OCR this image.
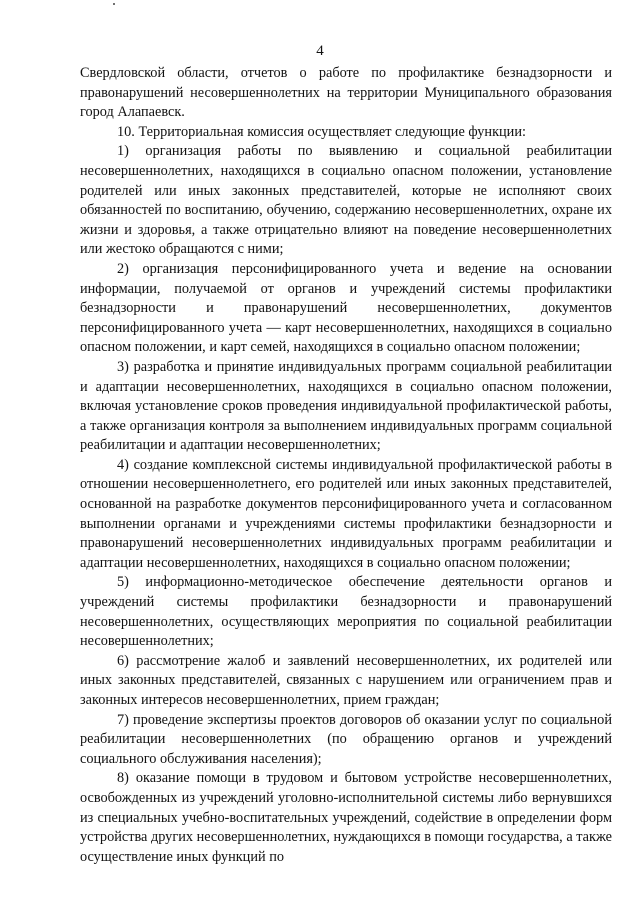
4

Свердловской области, отчетов о работе по профилактике безнадзорности и правонарушений несовершеннолетних на территории Муниципального образования город Алапаевск.

10. Территориальная комиссия осуществляет следующие функции:

1) организация работы по выявлению и социальной реабилитации несовершеннолетних, находящихся в социально опасном положении, установление родителей или иных законных представителей, которые не исполняют своих обязанностей по воспитанию, обучению, содержанию несовершеннолетних, охране их жизни и здоровья, а также отрицательно влияют на поведение несовершеннолетних или жестоко обращаются с ними;

2) организация персонифицированного учета и ведение на основании информации, получаемой от органов и учреждений системы профилактики безнадзорности и правонарушений несовершеннолетних, документов персонифицированного учета — карт несовершеннолетних, находящихся в социально опасном положении, и карт семей, находящихся в социально опасном положении;

3) разработка и принятие индивидуальных программ социальной реабилитации и адаптации несовершеннолетних, находящихся в социально опасном положении, включая установление сроков проведения индивидуальной профилактической работы, а также организация контроля за выполнением индивидуальных программ социальной реабилитации и адаптации несовершеннолетних;

4) создание комплексной системы индивидуальной профилактической работы в отношении несовершеннолетнего, его родителей или иных законных представителей, основанной на разработке документов персонифицированного учета и согласованном выполнении органами и учреждениями системы профилактики безнадзорности и правонарушений несовершеннолетних индивидуальных программ реабилитации и адаптации несовершеннолетних, находящихся в социально опасном положении;

5) информационно-методическое обеспечение деятельности органов и учреждений системы профилактики безнадзорности и правонарушений несовершеннолетних, осуществляющих мероприятия по социальной реабилитации несовершеннолетних;

6) рассмотрение жалоб и заявлений несовершеннолетних, их родителей или иных законных представителей, связанных с нарушением или ограничением прав и законных интересов несовершеннолетних, прием граждан;

7) проведение экспертизы проектов договоров об оказании услуг по социальной реабилитации несовершеннолетних (по обращению органов и учреждений социального обслуживания населения);

8) оказание помощи в трудовом и бытовом устройстве несовершеннолетних, освобожденных из учреждений уголовно-исполнительной системы либо вернувшихся из специальных учебно-воспитательных учреждений, содействие в определении форм устройства других несовершеннолетних, нуждающихся в помощи государства, а также осуществление иных функций по
